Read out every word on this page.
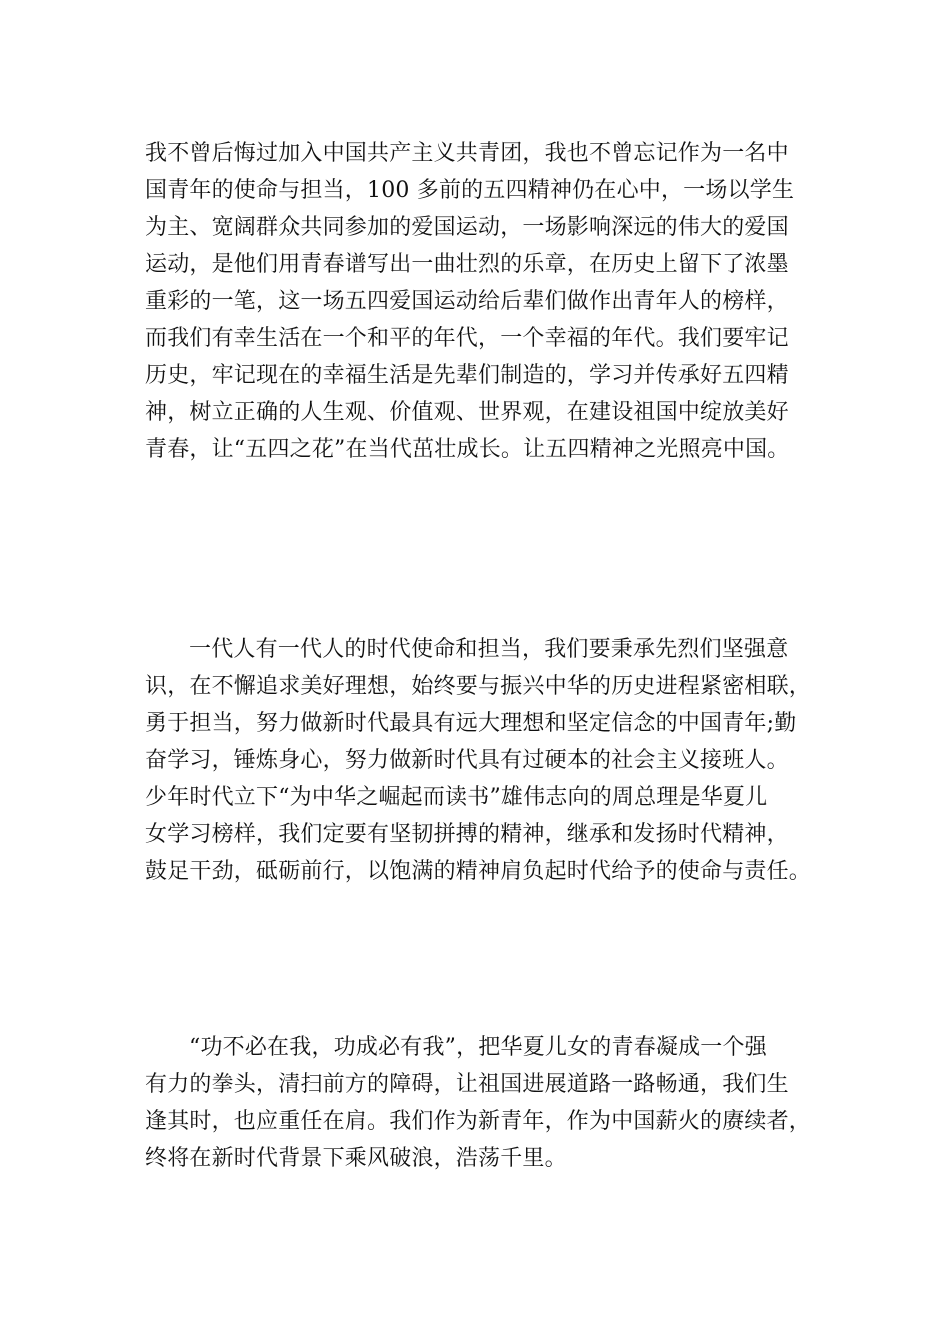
我不曾后悔过加入中国共产主义共青团，我也不曾忘记作为一名中
国青年的使命与担当，100 多前的五四精神仍在心中，一场以学生
为主、宽阔群众共同参加的爱国运动，一场影响深远的伟大的爱国
运动，是他们用青春谱写出一曲壮烈的乐章，在历史上留下了浓墨
重彩的一笔，这一场五四爱国运动给后辈们做作出青年人的榜样，
而我们有幸生活在一个和平的年代，一个幸福的年代。我们要牢记
历史，牢记现在的幸福生活是先辈们制造的，学习并传承好五四精
神，树立正确的人生观、价值观、世界观，在建设祖国中绽放美好
青春，让“五四之花”在当代茁壮成长。让五四精神之光照亮中国。
一代人有一代人的时代使命和担当，我们要秉承先烈们坚强意
识，在不懈追求美好理想，始终要与振兴中华的历史进程紧密相联，
勇于担当，努力做新时代最具有远大理想和坚定信念的中国青年;勤
奋学习，锤炼身心，努力做新时代具有过硬本的社会主义接班人。
少年时代立下“为中华之崛起而读书”雄伟志向的周总理是华夏儿
女学习榜样，我们定要有坚韧拼搏的精神，继承和发扬时代精神，
鼓足干劲，砥砺前行，以饱满的精神肩负起时代给予的使命与责任。
“功不必在我，功成必有我”，把华夏儿女的青春凝成一个强
有力的拳头，清扫前方的障碍，让祖国进展道路一路畅通，我们生
逢其时，也应重任在肩。我们作为新青年，作为中国薪火的赓续者，
终将在新时代背景下乘风破浪，浩荡千里。
